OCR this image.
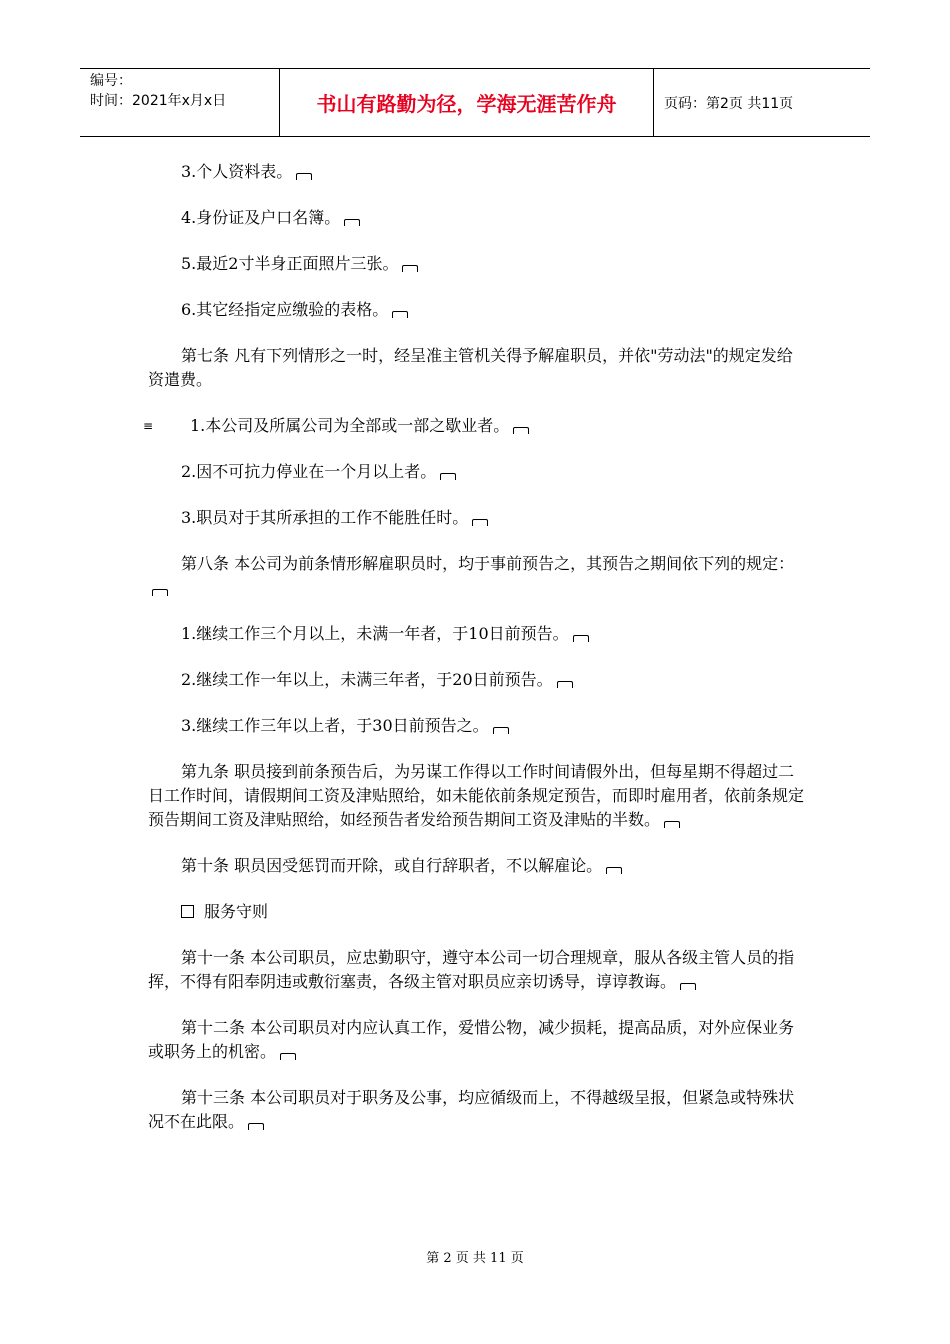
编号：
时间：2021年x月x日	书山有路勤为径，学海无涯苦作舟	页码：第2页 共11页

3.个人资料表。

4.身份证及户口名簿。

5.最近2寸半身正面照片三张。

6.其它经指定应缴验的表格。

第七条 凡有下列情形之一时，经呈准主管机关得予解雇职员，并依"劳动法"的规定发给资遣费。

≡ 1.本公司及所属公司为全部或一部之歇业者。

2.因不可抗力停业在一个月以上者。

3.职员对于其所承担的工作不能胜任时。

第八条 本公司为前条情形解雇职员时，均于事前预告之，其预告之期间依下列的规定：

1.继续工作三个月以上，未满一年者，于10日前预告。

2.继续工作一年以上，未满三年者，于20日前预告。

3.继续工作三年以上者，于30日前预告之。

第九条 职员接到前条预告后，为另谋工作得以工作时间请假外出，但每星期不得超过二日工作时间，请假期间工资及津贴照给，如未能依前条规定预告，而即时雇用者，依前条规定预告期间工资及津贴照给，如经预告者发给预告期间工资及津贴的半数。

第十条 职员因受惩罚而开除，或自行辞职者，不以解雇论。

服务守则

第十一条 本公司职员，应忠勤职守，遵守本公司一切合理规章，服从各级主管人员的指挥，不得有阳奉阴违或敷衍塞责，各级主管对职员应亲切诱导，谆谆教诲。

第十二条 本公司职员对内应认真工作，爱惜公物，减少损耗，提高品质，对外应保业务或职务上的机密。

第十三条 本公司职员对于职务及公事，均应循级而上，不得越级呈报，但紧急或特殊状况不在此限。

第 2 页 共 11 页
